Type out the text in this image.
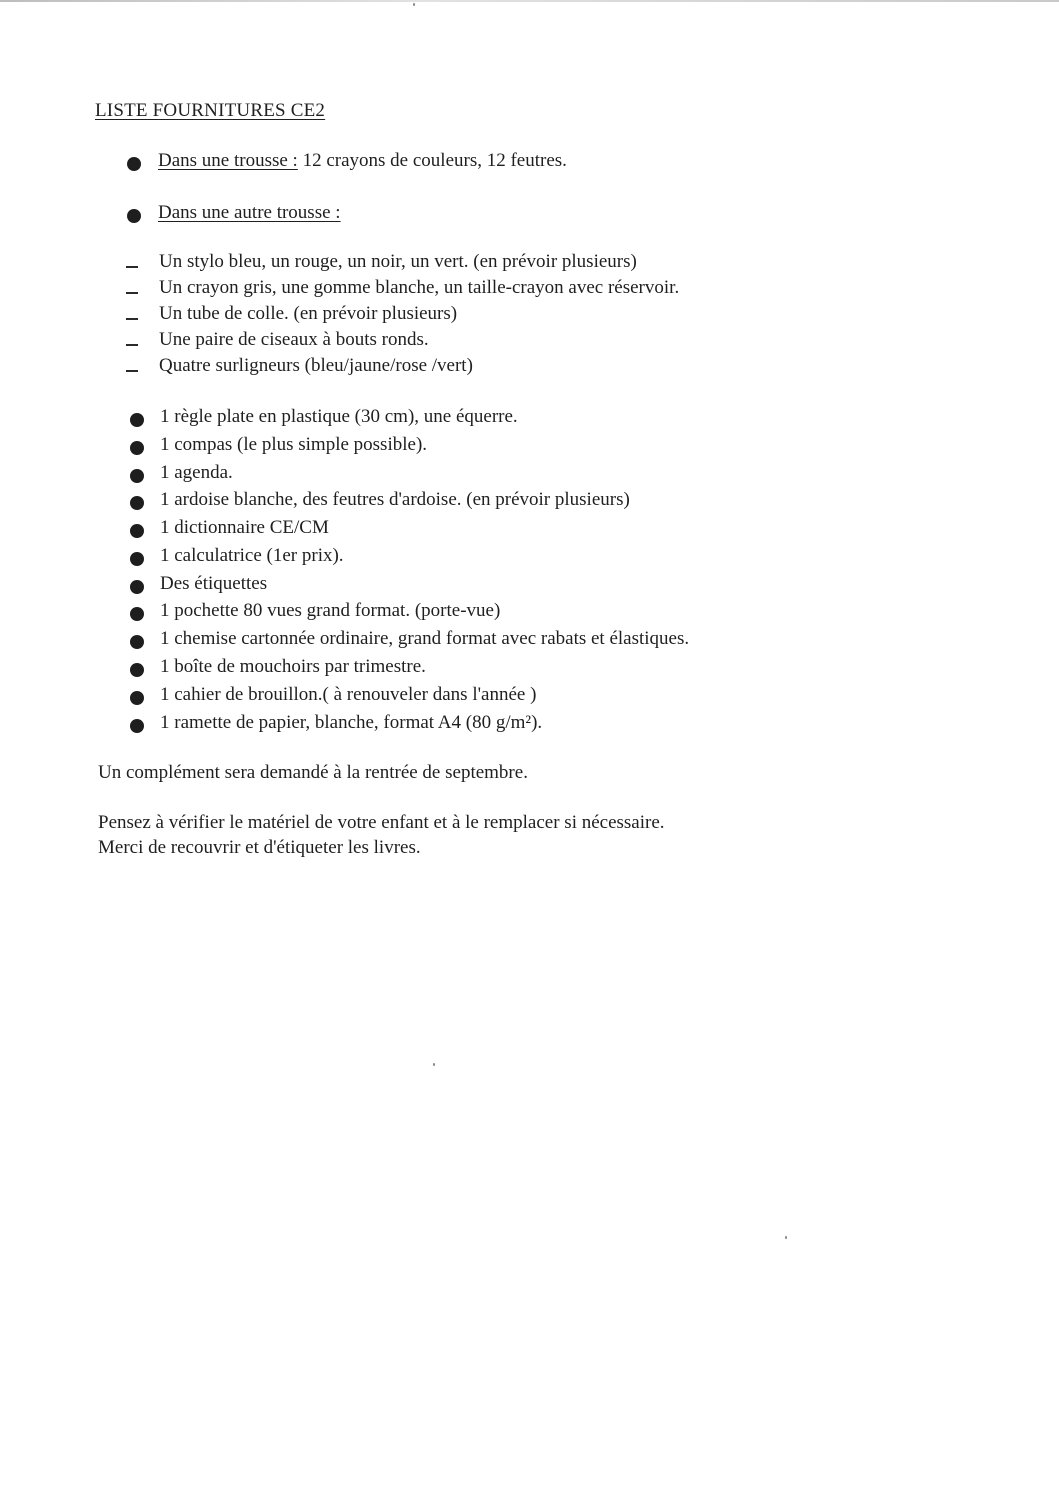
LISTE FOURNITURES CE2
Dans une trousse : 12 crayons de couleurs, 12 feutres.
Dans une autre trousse :
Un stylo bleu, un rouge, un noir, un vert. (en prévoir plusieurs)
Un crayon gris, une gomme blanche, un taille-crayon avec réservoir.
Un tube de colle. (en prévoir plusieurs)
Une paire de ciseaux à bouts ronds.
Quatre surligneurs (bleu/jaune/rose /vert)
1 règle plate en plastique (30 cm), une équerre.
1 compas (le plus simple possible).
1 agenda.
1 ardoise blanche, des feutres d'ardoise. (en prévoir plusieurs)
1 dictionnaire CE/CM
1 calculatrice (1er prix).
Des étiquettes
1 pochette 80 vues grand format. (porte-vue)
1 chemise cartonnée ordinaire, grand format avec rabats et élastiques.
1 boîte de mouchoirs par trimestre.
1 cahier de brouillon.( à renouveler dans l'année )
1 ramette de papier, blanche, format A4 (80 g/m²).
Un complément sera demandé à la rentrée de septembre.
Pensez à vérifier le matériel de votre enfant et à le remplacer si nécessaire.
Merci de recouvrir et d'étiqueter les livres.
